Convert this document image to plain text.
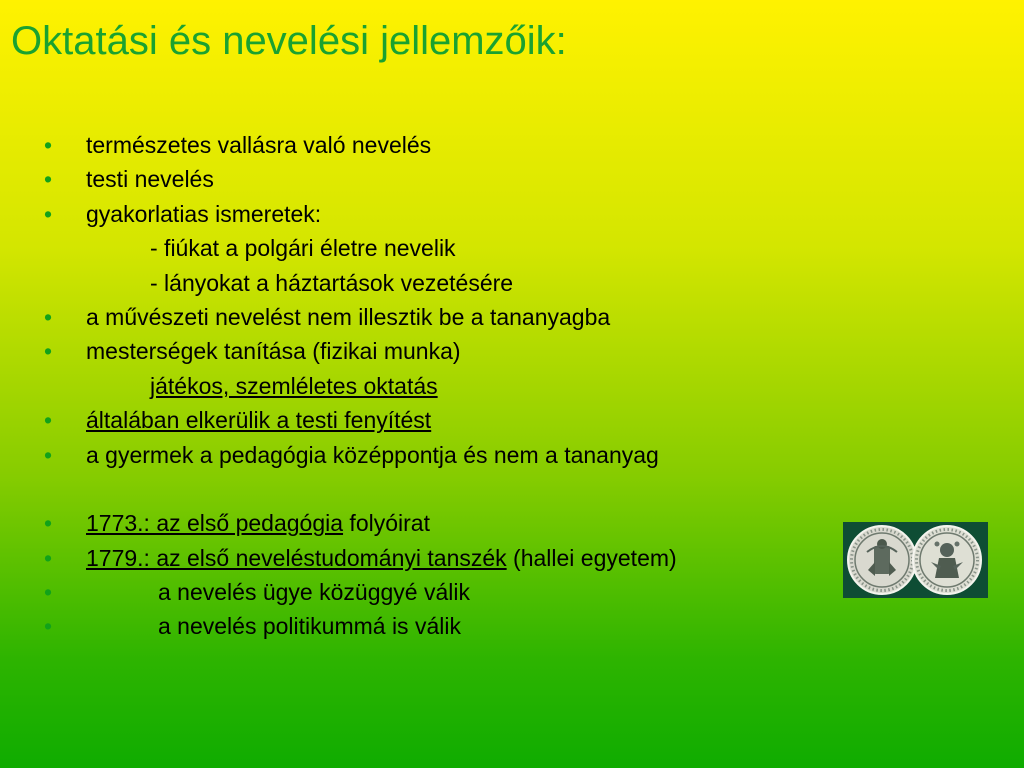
Oktatási és nevelési jellemzőik:
• természetes vallásra való nevelés
• testi nevelés
• gyakorlatias ismeretek:
- fiúkat a polgári életre nevelik
- lányokat a háztartások vezetésére
• a művészeti nevelést nem illesztik be a tananyagba
• mesterségek tanítása (fizikai munka)
játékos, szemléletes oktatás
• általában elkerülik a testi fenyítést
• a gyermek a pedagógia középpontja és nem a tananyag
• 1773.: az első pedagógia folyóirat
• 1779.: az első neveléstudományi tanszék (hallei egyetem)
•	a nevelés ügye közüggyé válik
•	a nevelés politikummá is válik
